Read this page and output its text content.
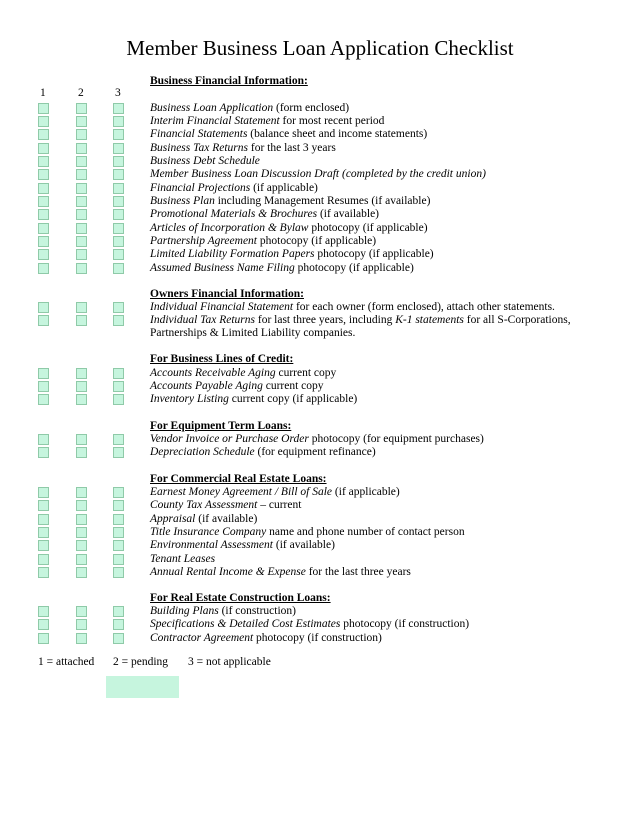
Member Business Loan Application Checklist
1	2	3
Business Financial Information:
Business Loan Application (form enclosed)
Interim Financial Statement for most recent period
Financial Statements (balance sheet and income statements)
Business Tax Returns for the last 3 years
Business Debt Schedule
Member Business Loan Discussion Draft (completed by the credit union)
Financial Projections (if applicable)
Business Plan including Management Resumes (if available)
Promotional Materials & Brochures (if available)
Articles of Incorporation & Bylaw photocopy (if applicable)
Partnership Agreement photocopy (if applicable)
Limited Liability Formation Papers photocopy (if applicable)
Assumed Business Name Filing photocopy (if applicable)
Owners Financial Information:
Individual Financial Statement for each owner (form enclosed), attach other statements.
Individual Tax Returns for last three years, including K-1 statements for all S-Corporations, Partnerships & Limited Liability companies.
For Business Lines of Credit:
Accounts Receivable Aging current copy
Accounts Payable Aging current copy
Inventory Listing current copy (if applicable)
For Equipment Term Loans:
Vendor Invoice or Purchase Order photocopy (for equipment purchases)
Depreciation Schedule (for equipment refinance)
For Commercial Real Estate Loans:
Earnest Money Agreement / Bill of Sale (if applicable)
County Tax Assessment – current
Appraisal (if available)
Title Insurance Company name and phone number of contact person
Environmental Assessment (if available)
Tenant Leases
Annual Rental Income & Expense for the last three years
For Real Estate Construction Loans:
Building Plans (if construction)
Specifications & Detailed Cost Estimates photocopy (if construction)
Contractor Agreement photocopy (if construction)
1 = attached 2 = pending 3 = not applicable
